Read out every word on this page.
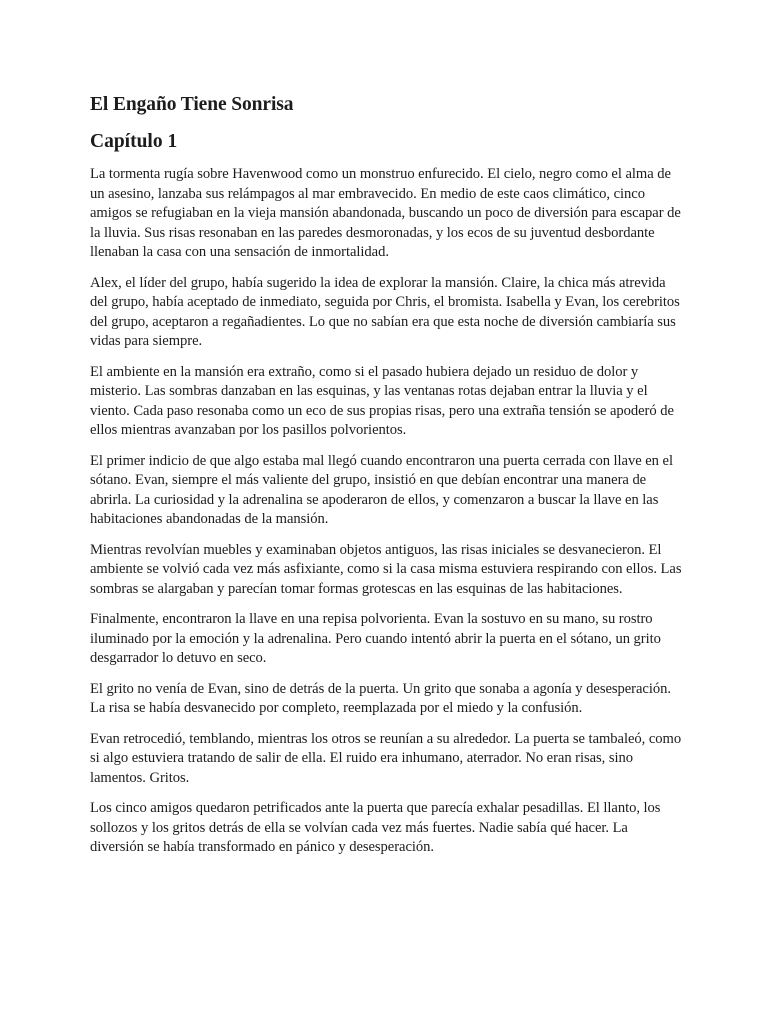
El Engaño Tiene Sonrisa
Capítulo 1

La tormenta rugía sobre Havenwood como un monstruo enfurecido. El cielo, negro como el alma de un asesino, lanzaba sus relámpagos al mar embravecido. En medio de este caos climático, cinco amigos se refugiaban en la vieja mansión abandonada, buscando un poco de diversión para escapar de la lluvia. Sus risas resonaban en las paredes desmoronadas, y los ecos de su juventud desbordante llenaban la casa con una sensación de inmortalidad.

Alex, el líder del grupo, había sugerido la idea de explorar la mansión. Claire, la chica más atrevida del grupo, había aceptado de inmediato, seguida por Chris, el bromista. Isabella y Evan, los cerebritos del grupo, aceptaron a regañadientes. Lo que no sabían era que esta noche de diversión cambiaría sus vidas para siempre.

El ambiente en la mansión era extraño, como si el pasado hubiera dejado un residuo de dolor y misterio. Las sombras danzaban en las esquinas, y las ventanas rotas dejaban entrar la lluvia y el viento. Cada paso resonaba como un eco de sus propias risas, pero una extraña tensión se apoderó de ellos mientras avanzaban por los pasillos polvorientos.

El primer indicio de que algo estaba mal llegó cuando encontraron una puerta cerrada con llave en el sótano. Evan, siempre el más valiente del grupo, insistió en que debían encontrar una manera de abrirla. La curiosidad y la adrenalina se apoderaron de ellos, y comenzaron a buscar la llave en las habitaciones abandonadas de la mansión.

Mientras revolvían muebles y examinaban objetos antiguos, las risas iniciales se desvanecieron. El ambiente se volvió cada vez más asfixiante, como si la casa misma estuviera respirando con ellos. Las sombras se alargaban y parecían tomar formas grotescas en las esquinas de las habitaciones.

Finalmente, encontraron la llave en una repisa polvorienta. Evan la sostuvo en su mano, su rostro iluminado por la emoción y la adrenalina. Pero cuando intentó abrir la puerta en el sótano, un grito desgarrador lo detuvo en seco.

El grito no venía de Evan, sino de detrás de la puerta. Un grito que sonaba a agonía y desesperación. La risa se había desvanecido por completo, reemplazada por el miedo y la confusión.

Evan retrocedió, temblando, mientras los otros se reunían a su alrededor. La puerta se tambaleó, como si algo estuviera tratando de salir de ella. El ruido era inhumano, aterrador. No eran risas, sino lamentos. Gritos.

Los cinco amigos quedaron petrificados ante la puerta que parecía exhalar pesadillas. El llanto, los sollozos y los gritos detrás de ella se volvían cada vez más fuertes. Nadie sabía qué hacer. La diversión se había transformado en pánico y desesperación.
